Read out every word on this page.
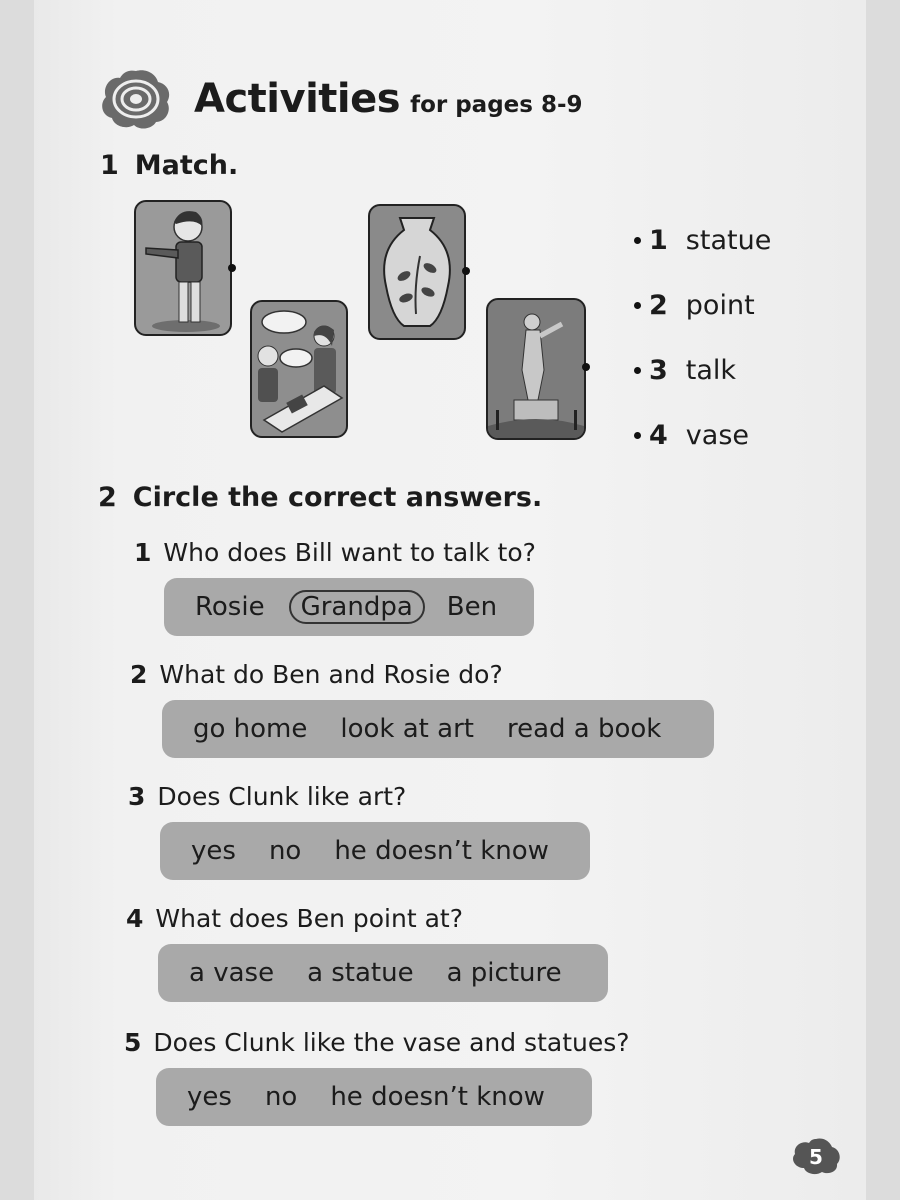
Activities for pages 8-9
1 Match.
1 statue
2 point
3 talk
4 vase
2 Circle the correct answers.
1 Who does Bill want to talk to?
Rosie	Grandpa	Ben
2 What do Ben and Rosie do?
go home look at art read a book
3 Does Clunk like art?
yes no he doesn’t know
4 What does Ben point at?
a vase a statue a picture
5 Does Clunk like the vase and statues?
yes no he doesn’t know
5
